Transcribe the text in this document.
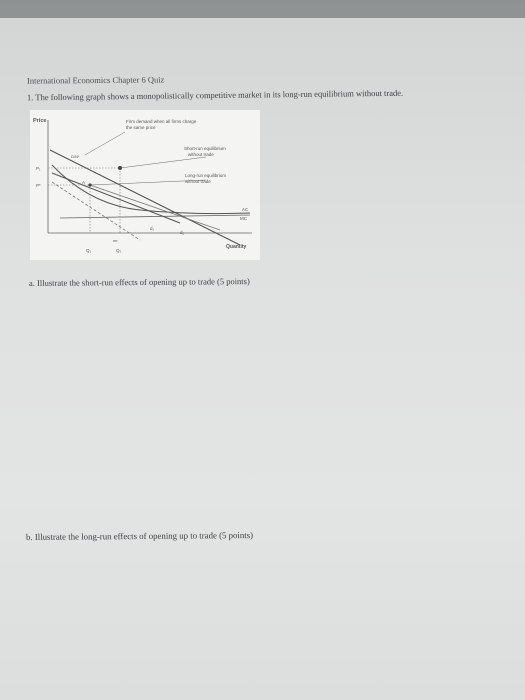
International Economics Chapter 6 Quiz
1. The following graph shows a monopolistically competitive market in its long-run equilibrium without trade.
Price	Firm demand when all firms charge
the same price
Short-run equilibrium
without trade
Long-run equilibrium
without trade
D/N*
P₁
P*
A
AC
MC
d₁
d₂
mr
Q₁	Q₂
Quantity
a. Illustrate the short-run effects of opening up to trade (5 points)
b. Illustrate the long-run effects of opening up to trade (5 points)
